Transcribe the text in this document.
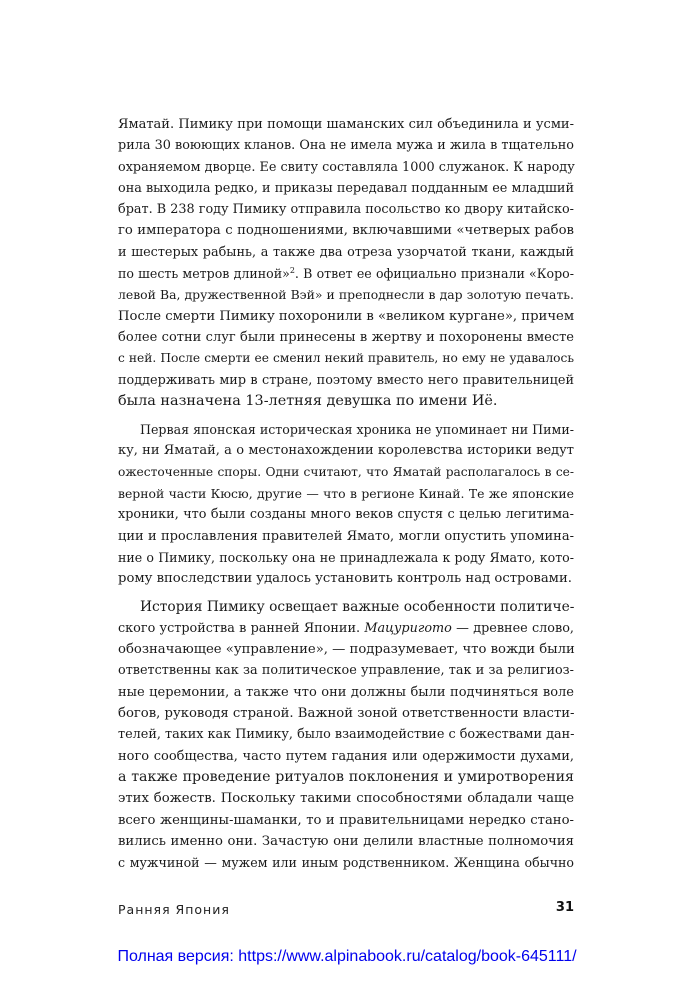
Яматай. Пимику при помощи шаманских сил объединила и усми-
рила 30 воюющих кланов. Она не имела мужа и жила в тщательно
охраняемом дворце. Ее свиту составляла 1000 служанок. К народу
она выходила редко, и приказы передавал подданным ее младший
брат. В 238 году Пимику отправила посольство ко двору китайско-
го императора с подношениями, включавшими «четверых рабов
и шестерых рабынь, а также два отреза узорчатой ткани, каждый
по шесть метров длиной»$^2$. В ответ ее официально признали «Коро-
левой Ва, дружественной Вэй» и преподнесли в дар золотую печать.
После смерти Пимику похоронили в «великом кургане», причем
более сотни слуг были принесены в жертву и похоронены вместе
с ней. После смерти ее сменил некий правитель, но ему не удавалось
поддерживать мир в стране, поэтому вместо него правительницей
была назначена 13-летняя девушка по имени Иё.

Первая японская историческая хроника не упоминает ни Пими-
ку, ни Яматай, а о местонахождении королевства историки ведут
ожесточенные споры. Одни считают, что Яматай располагалось в се-
верной части Кюсю, другие — что в регионе Кинай. Те же японские
хроники, что были созданы много веков спустя с целью легитима-
ции и прославления правителей Ямато, могли опустить упомина-
ние о Пимику, поскольку она не принадлежала к роду Ямато, кото-
рому впоследствии удалось установить контроль над островами.

История Пимику освещает важные особенности политиче-
ского устройства в ранней Японии. Мацуриготo — древнее слово,
обозначающее «управление», — подразумевает, что вожди были
ответственны как за политическое управление, так и за религиоз-
ные церемонии, а также что они должны были подчиняться воле
богов, руководя страной. Важной зоной ответственности власти-
телей, таких как Пимику, было взаимодействие с божествами дан-
ного сообщества, часто путем гадания или одержимости духами,
а также проведение ритуалов поклонения и умиротворения
этих божеств. Поскольку такими способностями обладали чаще
всего женщины-шаманки, то и правительницами нередко стано-
вились именно они. Зачастую они делили властные полномочия
с мужчиной — мужем или иным родственником. Женщина обычно

Ранняя Япония	31
Полная версия: https://www.alpinabook.ru/catalog/book-645111/
